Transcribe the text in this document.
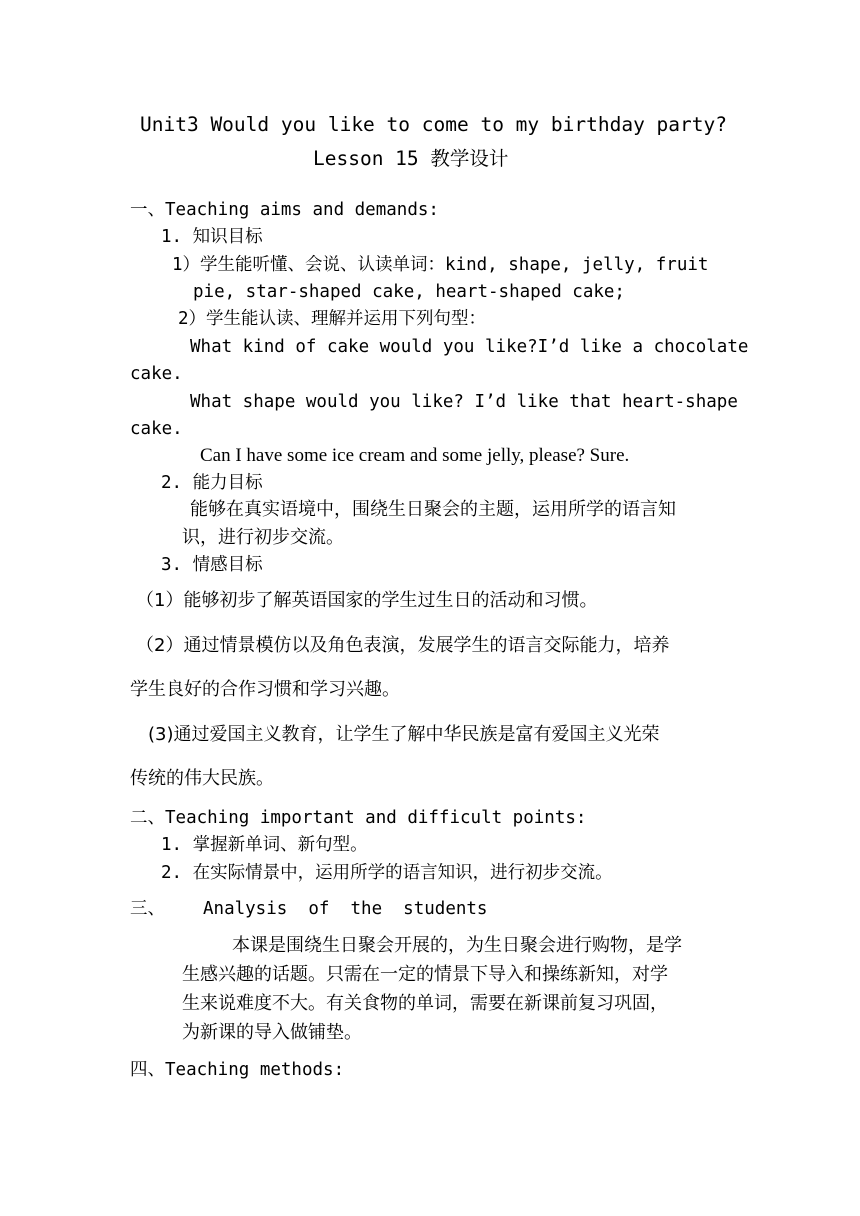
Unit3 Would you like to come to my birthday party?
Lesson 15 教学设计
一、Teaching aims and demands:
1. 知识目标
1）学生能听懂、会说、认读单词：kind, shape, jelly, fruit
pie, star-shaped cake, heart-shaped cake;
2）学生能认读、理解并运用下列句型：
What kind of cake would you like?I’d like a chocolate
cake.
What shape would you like? I’d like that heart-shape
cake.
Can I have some ice cream and some jelly, please? Sure.
2. 能力目标
能够在真实语境中，围绕生日聚会的主题，运用所学的语言知
识，进行初步交流。
3. 情感目标
（1）能够初步了解英语国家的学生过生日的活动和习惯。
（2）通过情景模仿以及角色表演，发展学生的语言交际能力，培养
学生良好的合作习惯和学习兴趣。
(3)通过爱国主义教育，让学生了解中华民族是富有爱国主义光荣
传统的伟大民族。
二、Teaching important and difficult points:
1. 掌握新单词、新句型。
2. 在实际情景中，运用所学的语言知识，进行初步交流。
三、 Analysis  of  the  students
本课是围绕生日聚会开展的，为生日聚会进行购物，是学
生感兴趣的话题。只需在一定的情景下导入和操练新知，对学
生来说难度不大。有关食物的单词，需要在新课前复习巩固，
为新课的导入做铺垫。
四、Teaching methods:
